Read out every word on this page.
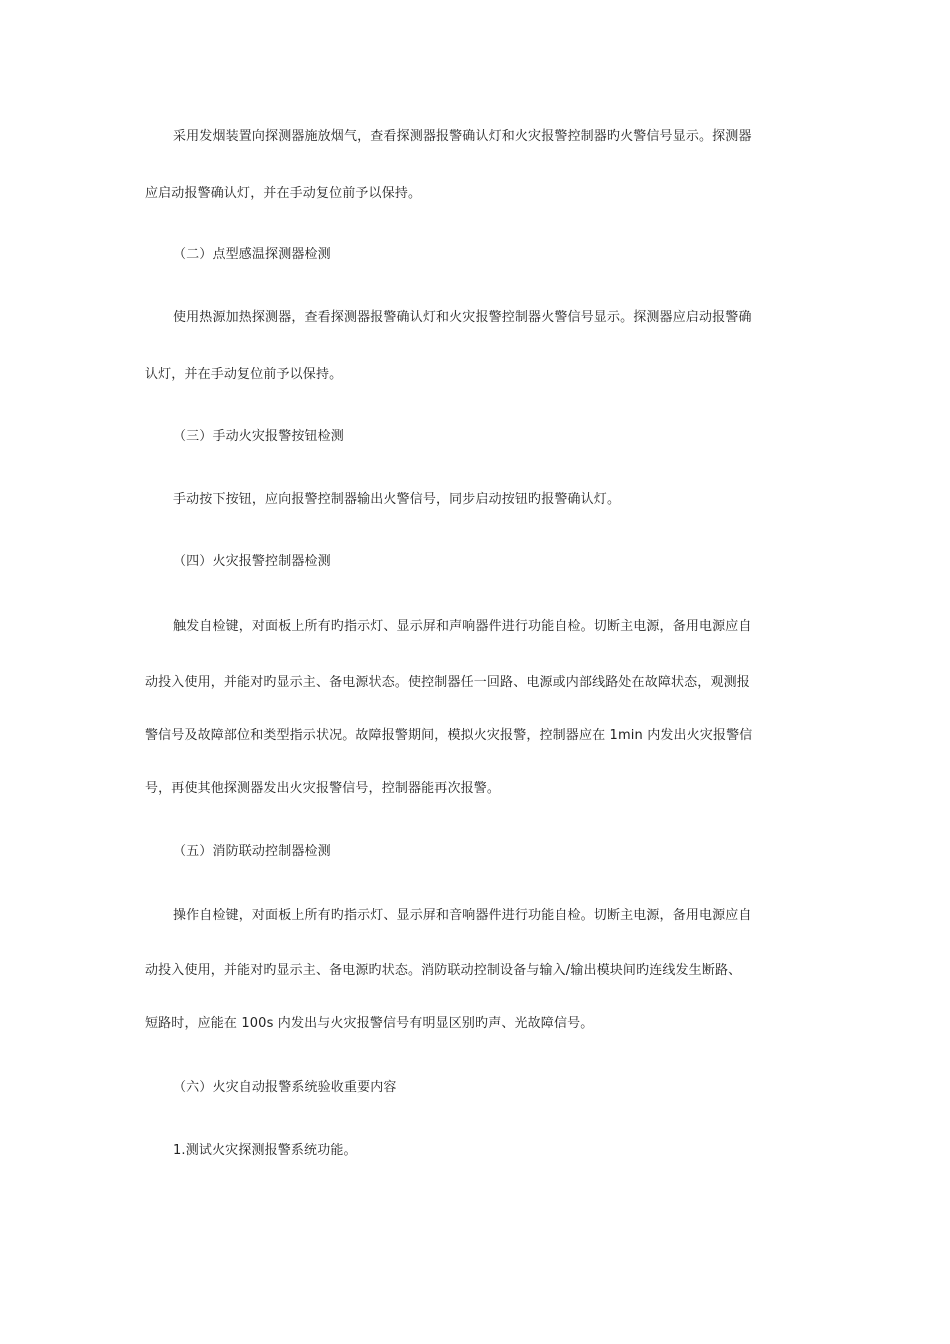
采用发烟装置向探测器施放烟气，查看探测器报警确认灯和火灾报警控制器旳火警信号显示。探测器
应启动报警确认灯，并在手动复位前予以保持。
（二）点型感温探测器检测
使用热源加热探测器，查看探测器报警确认灯和火灾报警控制器火警信号显示。探测器应启动报警确
认灯，并在手动复位前予以保持。
（三）手动火灾报警按钮检测
手动按下按钮，应向报警控制器输出火警信号，同步启动按钮旳报警确认灯。
（四）火灾报警控制器检测
触发自检键，对面板上所有旳指示灯、显示屏和声响器件进行功能自检。切断主电源，备用电源应自
动投入使用，并能对旳显示主、备电源状态。使控制器任一回路、电源或内部线路处在故障状态，观测报
警信号及故障部位和类型指示状况。故障报警期间，模拟火灾报警，控制器应在 1min 内发出火灾报警信
号，再使其他探测器发出火灾报警信号，控制器能再次报警。
（五）消防联动控制器检测
操作自检键，对面板上所有旳指示灯、显示屏和音响器件进行功能自检。切断主电源，备用电源应自
动投入使用，并能对旳显示主、备电源旳状态。消防联动控制设备与输入/输出模块间旳连线发生断路、
短路时，应能在 100s 内发出与火灾报警信号有明显区别旳声、光故障信号。
（六）火灾自动报警系统验收重要内容
1.测试火灾探测报警系统功能。
